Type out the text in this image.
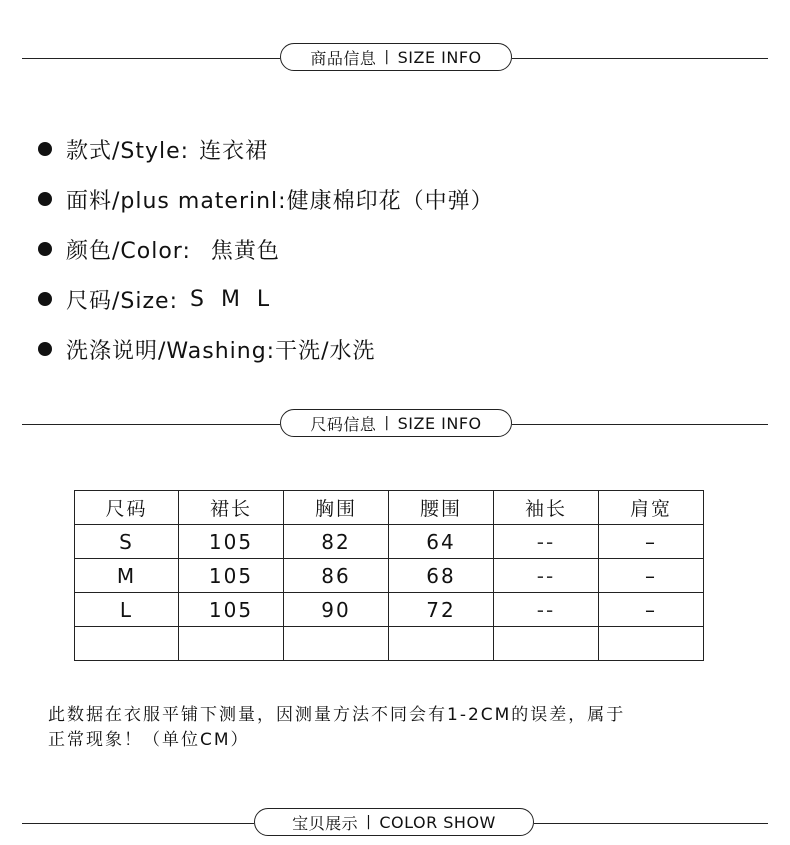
商品信息 | SIZE INFO
款式/Style: 连衣裙
面料/plus materinl: 健康棉印花（中弹）
颜色/Color: 焦黄色
尺码/Size: S M L
洗涤说明/Washing: 干洗/水洗
尺码信息 | SIZE INFO
尺码	裙长	胸围	腰围	袖长	肩宽
S	105	82	64	--	–
M	105	86	68	--	–
L	105	90	72	--	–

此数据在衣服平铺下测量，因测量方法不同会有1-2CM的误差，属于
正常现象！（单位CM）

宝贝展示 | COLOR SHOW
